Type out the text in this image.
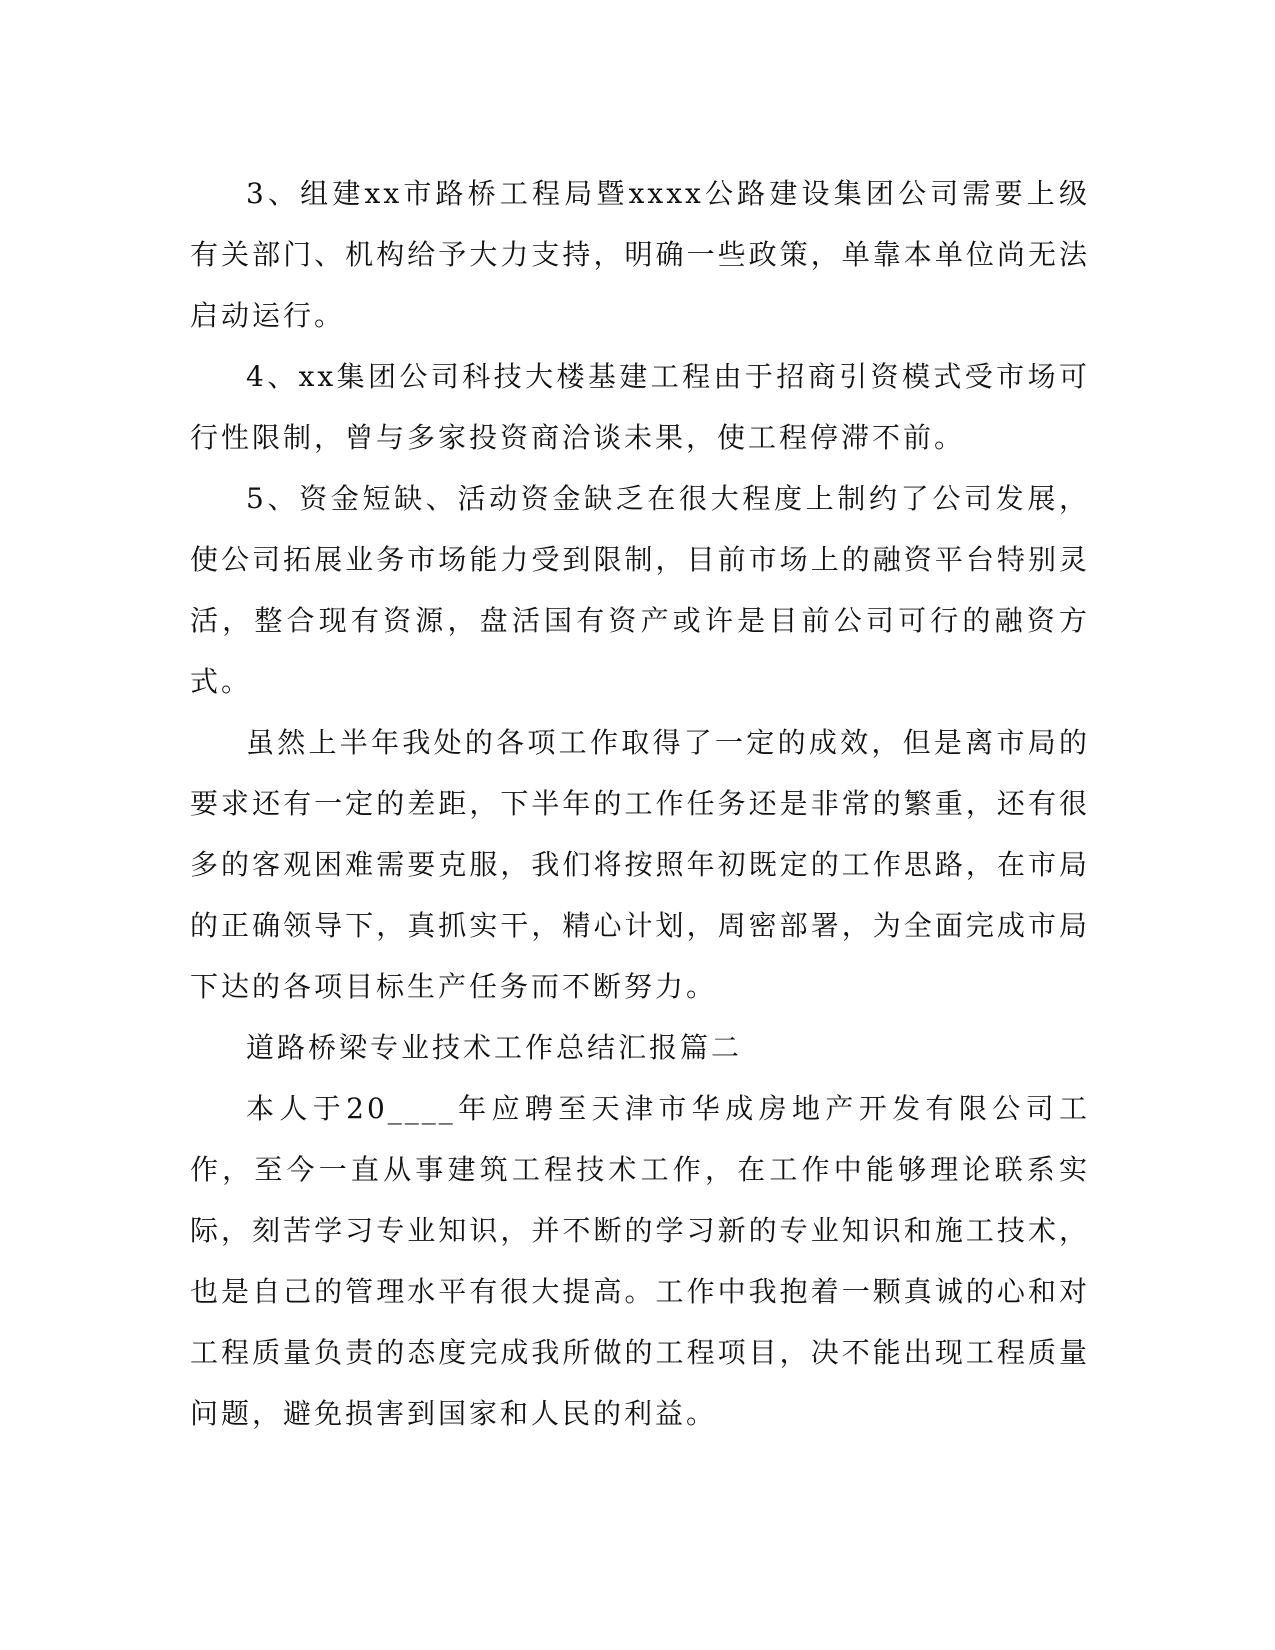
3、组建xx市路桥工程局暨xxxx公路建设集团公司需要上级有关部门、机构给予大力支持，明确一些政策，单靠本单位尚无法启动运行。

4、xx集团公司科技大楼基建工程由于招商引资模式受市场可行性限制，曾与多家投资商洽谈未果，使工程停滞不前。

5、资金短缺、活动资金缺乏在很大程度上制约了公司发展，使公司拓展业务市场能力受到限制，目前市场上的融资平台特别灵活，整合现有资源，盘活国有资产或许是目前公司可行的融资方式。

虽然上半年我处的各项工作取得了一定的成效，但是离市局的要求还有一定的差距，下半年的工作任务还是非常的繁重，还有很多的客观困难需要克服，我们将按照年初既定的工作思路，在市局的正确领导下，真抓实干，精心计划，周密部署，为全面完成市局下达的各项目标生产任务而不断努力。

道路桥梁专业技术工作总结汇报篇二

本人于20____年应聘至天津市华成房地产开发有限公司工作，至今一直从事建筑工程技术工作，在工作中能够理论联系实际，刻苦学习专业知识，并不断的学习新的专业知识和施工技术，也是自己的管理水平有很大提高。工作中我抱着一颗真诚的心和对工程质量负责的态度完成我所做的工程项目，决不能出现工程质量问题，避免损害到国家和人民的利益。
